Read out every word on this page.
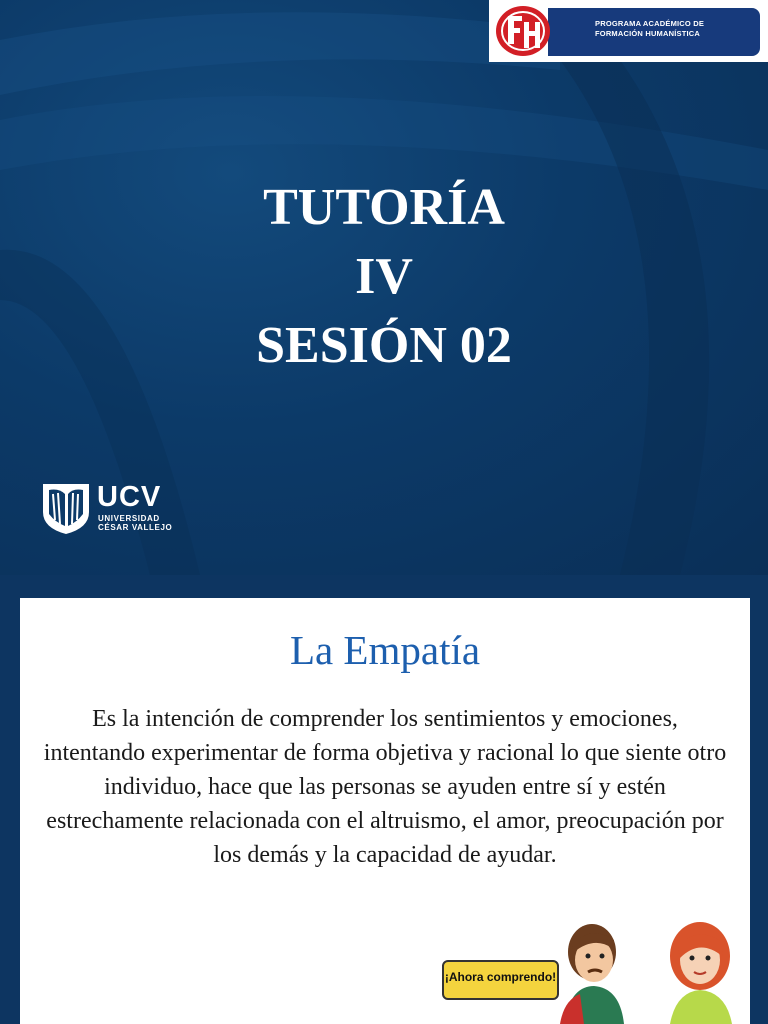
PROGRAMA ACADÉMICO DE
FORMACIÓN HUMANÍSTICA
TUTORÍA
IV
SESIÓN 02
UCV
UNIVERSIDAD
CÉSAR VALLEJO
La Empatía
Es la intención de comprender los sentimientos y emociones, intentando experimentar de forma objetiva y racional lo que siente otro individuo, hace que las personas se ayuden entre sí y estén estrechamente relacionada con el altruismo, el amor, preocupación por los demás y la capacidad de ayudar.
¡Ahora comprendo!
